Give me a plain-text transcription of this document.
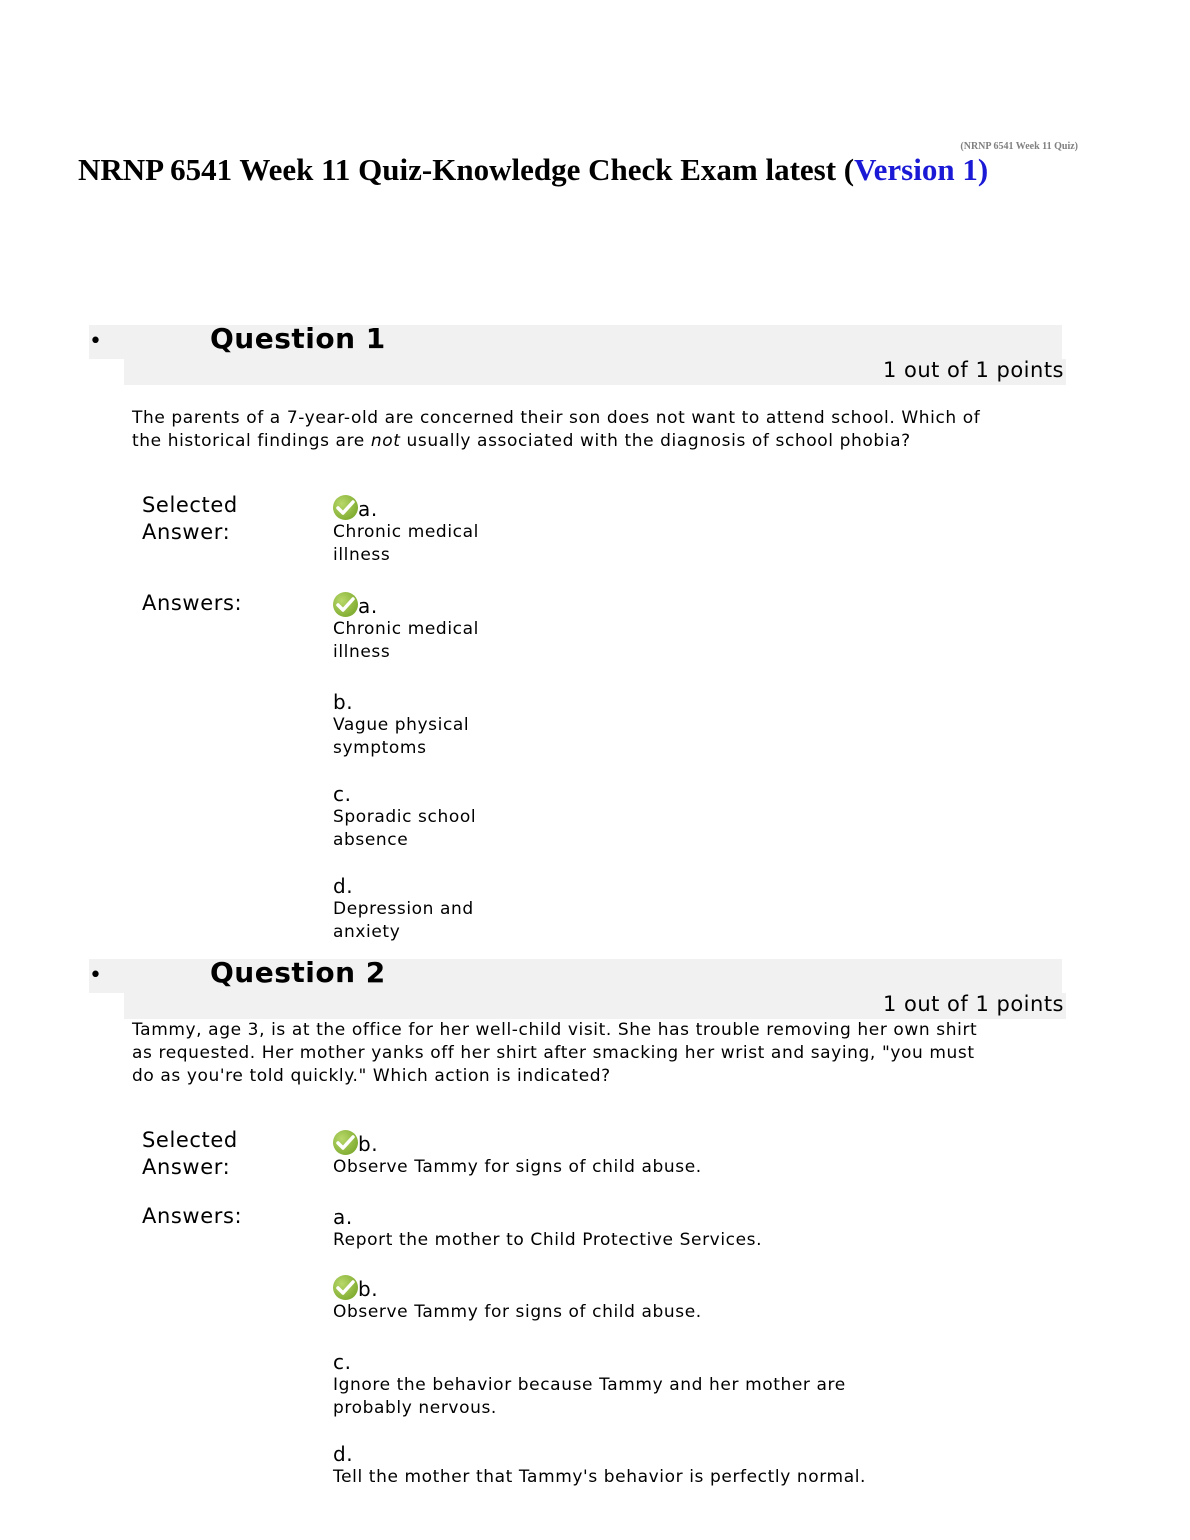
(NRNP 6541 Week 11 Quiz)
NRNP 6541 Week 11 Quiz-Knowledge Check Exam latest (Version 1)
•	Question 1
1 out of 1 points
The parents of a 7-year-old are concerned their son does not want to attend school. Which of the historical findings are not usually associated with the diagnosis of school phobia?
Selected Answer:
a.
Chronic medical illness
Answers:	a.
Chronic medical illness
b.
Vague physical symptoms
c.
Sporadic school absence
d.
Depression and anxiety
•	Question 2
1 out of 1 points
Tammy, age 3, is at the office for her well-child visit. She has trouble removing her own shirt as requested. Her mother yanks off her shirt after smacking her wrist and saying, "you must do as you're told quickly." Which action is indicated?
Selected Answer:
b.
Observe Tammy for signs of child abuse.
Answers:	a.
Report the mother to Child Protective Services.
b.
Observe Tammy for signs of child abuse.
c.
Ignore the behavior because Tammy and her mother are probably nervous.
d.
Tell the mother that Tammy's behavior is perfectly normal.
